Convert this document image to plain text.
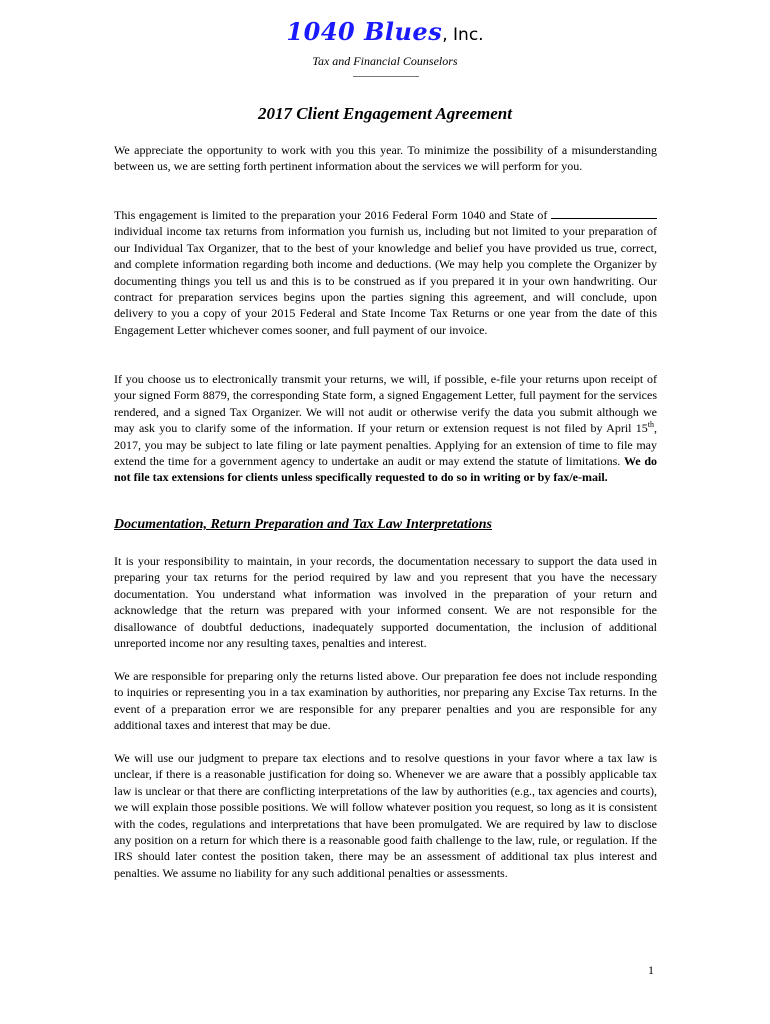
1040 Blues, Inc.
Tax and Financial Counselors
2017 Client Engagement Agreement

We appreciate the opportunity to work with you this year. To minimize the possibility of a misunderstanding between us, we are setting forth pertinent information about the services we will perform for you.

This engagement is limited to the preparation your 2016 Federal Form 1040 and State of  individual income tax returns from information you furnish us, including but not limited to your preparation of our Individual Tax Organizer, that to the best of your knowledge and belief you have provided us true, correct, and complete information regarding both income and deductions. (We may help you complete the Organizer by documenting things you tell us and this is to be construed as if you prepared it in your own handwriting. Our contract for preparation services begins upon the parties signing this agreement, and will conclude, upon delivery to you a copy of your 2015 Federal and State Income Tax Returns or one year from the date of this Engagement Letter whichever comes sooner, and full payment of our invoice.

If you choose us to electronically transmit your returns, we will, if possible, e-file your returns upon receipt of your signed Form 8879, the corresponding State form, a signed Engagement Letter, full payment for the services rendered, and a signed Tax Organizer. We will not audit or otherwise verify the data you submit although we may ask you to clarify some of the information. If your return or extension request is not filed by April 15th, 2017, you may be subject to late filing or late payment penalties. Applying for an extension of time to file may extend the time for a government agency to undertake an audit or may extend the statute of limitations. We do not file tax extensions for clients unless specifically requested to do so in writing or by fax/e-mail.

Documentation, Return Preparation and Tax Law Interpretations

It is your responsibility to maintain, in your records, the documentation necessary to support the data used in preparing your tax returns for the period required by law and you represent that you have the necessary documentation. You understand what information was involved in the preparation of your return and acknowledge that the return was prepared with your informed consent. We are not responsible for the disallowance of doubtful deductions, inadequately supported documentation, the inclusion of additional unreported income nor any resulting taxes, penalties and interest.

We are responsible for preparing only the returns listed above. Our preparation fee does not include responding to inquiries or representing you in a tax examination by authorities, nor preparing any Excise Tax returns. In the event of a preparation error we are responsible for any preparer penalties and you are responsible for any additional taxes and interest that may be due.

We will use our judgment to prepare tax elections and to resolve questions in your favor where a tax law is unclear, if there is a reasonable justification for doing so. Whenever we are aware that a possibly applicable tax law is unclear or that there are conflicting interpretations of the law by authorities (e.g., tax agencies and courts), we will explain those possible positions. We will follow whatever position you request, so long as it is consistent with the codes, regulations and interpretations that have been promulgated. We are required by law to disclose any position on a return for which there is a reasonable good faith challenge to the law, rule, or regulation. If the IRS should later contest the position taken, there may be an assessment of additional tax plus interest and penalties. We assume no liability for any such additional penalties or assessments.

1
